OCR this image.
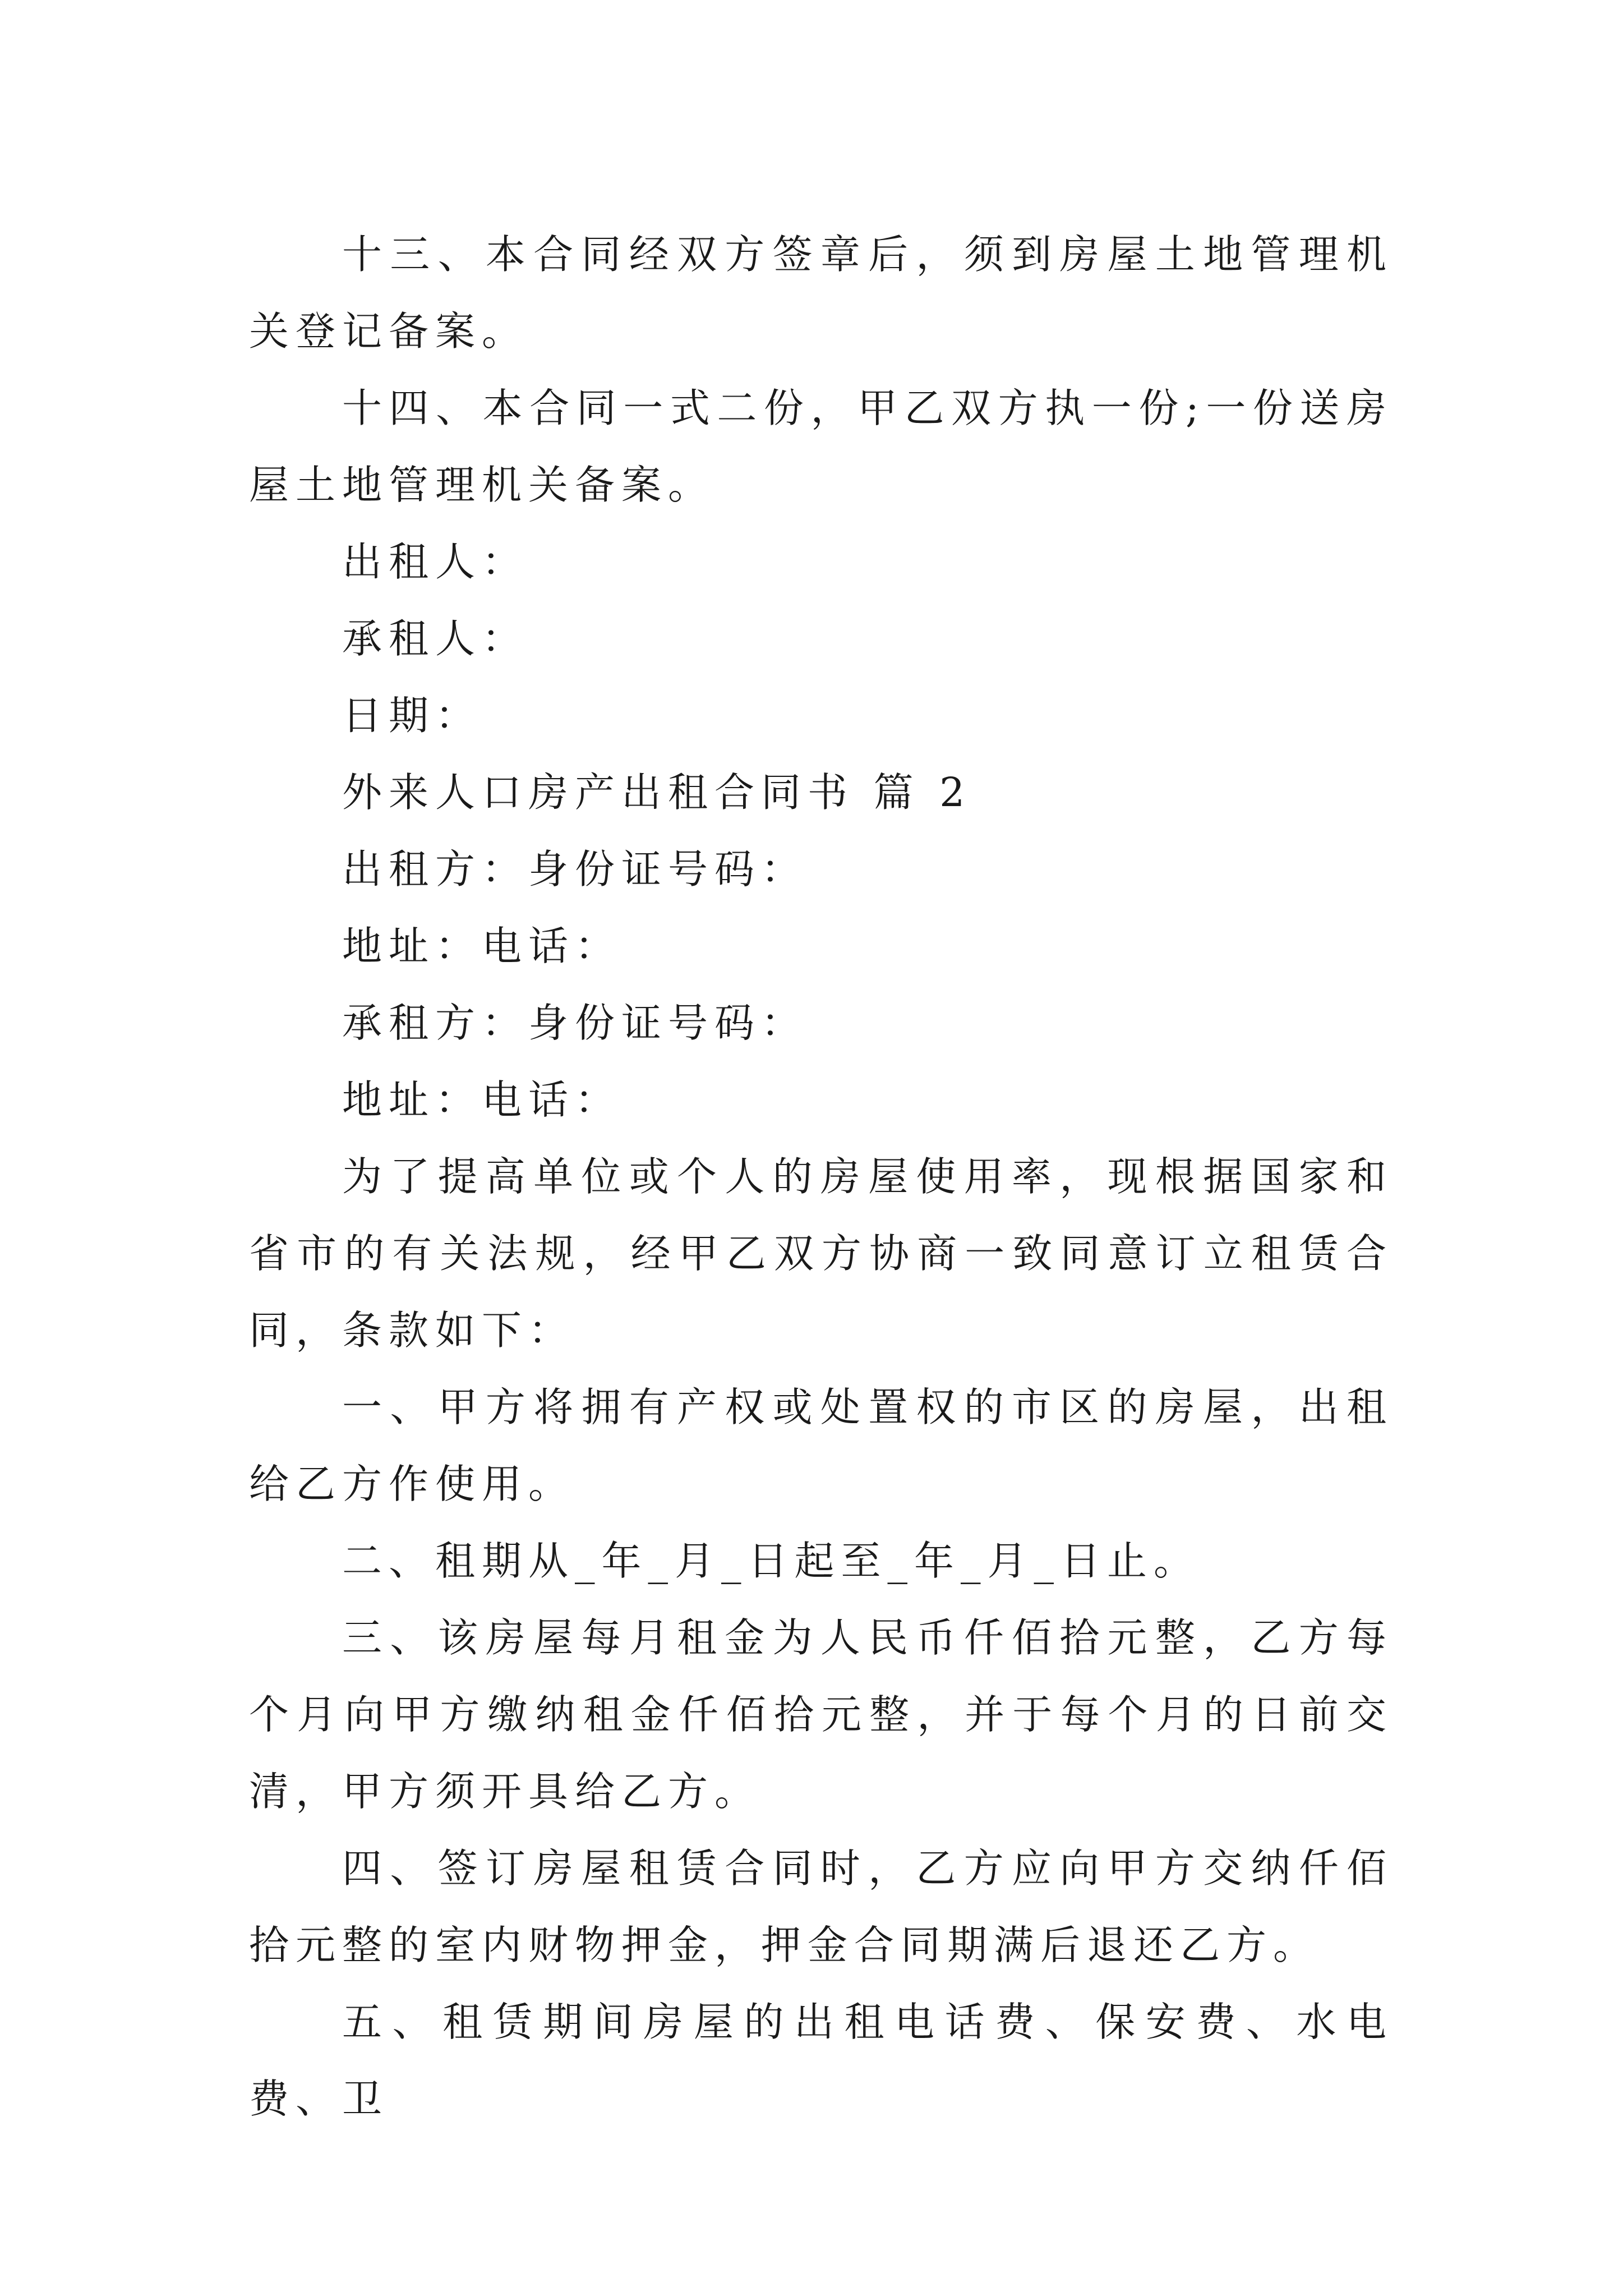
十三、本合同经双方签章后，须到房屋土地管理机关登记备案。

十四、本合同一式二份，甲乙双方执一份;一份送房屋土地管理机关备案。

出租人：

承租人：

日期：

外来人口房产出租合同书 篇 2

出租方：身份证号码：

地址：电话：

承租方：身份证号码：

地址：电话：

为了提高单位或个人的房屋使用率，现根据国家和省市的有关法规，经甲乙双方协商一致同意订立租赁合同，条款如下：

一、甲方将拥有产权或处置权的市区的房屋，出租给乙方作使用。

二、租期从_年_月_日起至_年_月_日止。

三、该房屋每月租金为人民币仟佰拾元整，乙方每个月向甲方缴纳租金仟佰拾元整，并于每个月的日前交清，甲方须开具给乙方。

四、签订房屋租赁合同时，乙方应向甲方交纳仟佰拾元整的室内财物押金，押金合同期满后退还乙方。

五、租赁期间房屋的出租电话费、保安费、水电费、卫
